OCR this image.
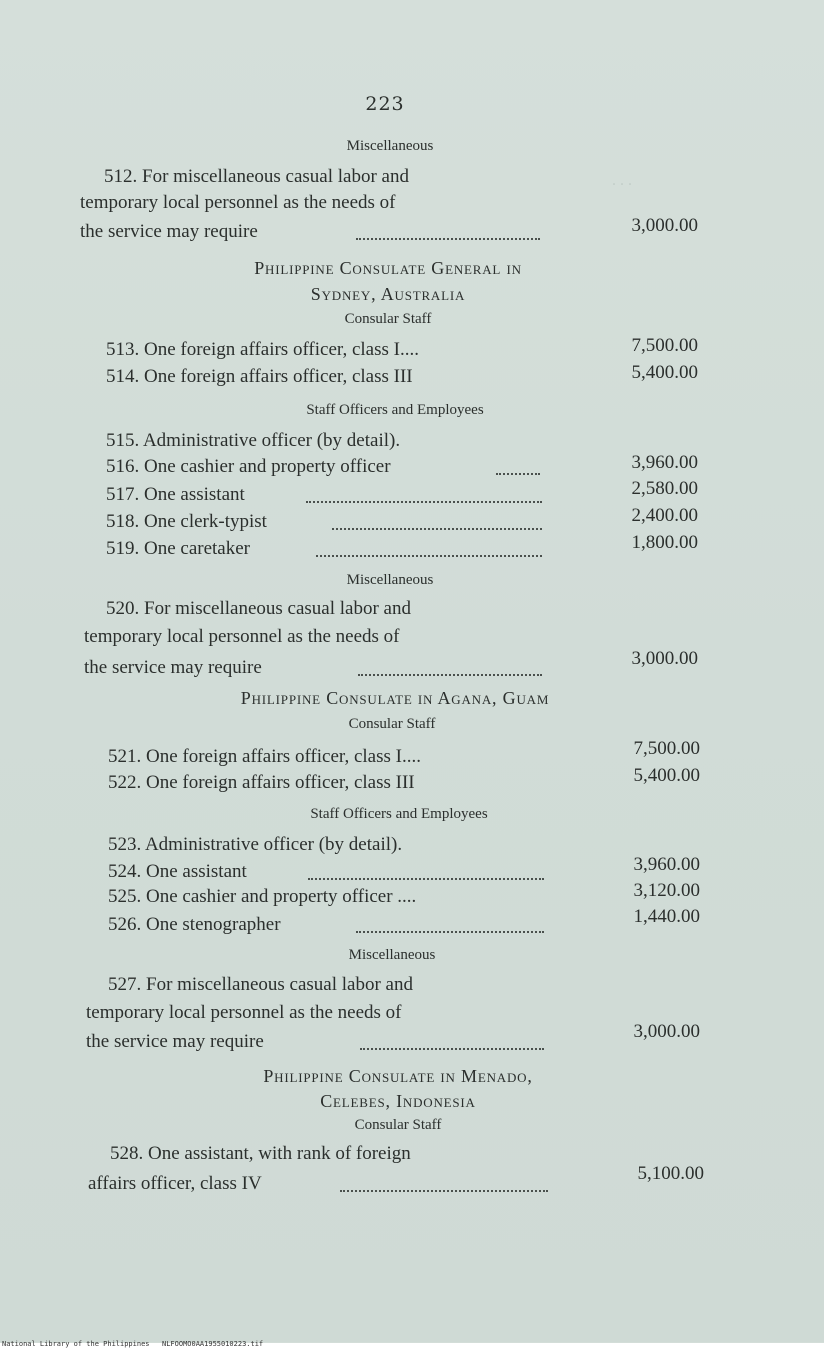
. . .
223
Miscellaneous
512. For miscellaneous casual labor and
temporary local personnel as the needs of
the service may require	3,000.00
Philippine Consulate General in
Sydney, Australia
Consular Staff
513. One foreign affairs officer, class I....	7,500.00
514. One foreign affairs officer, class III	5,400.00
Staff Officers and Employees
515. Administrative officer (by detail).
516. One cashier and property officer	3,960.00
517. One assistant	2,580.00
518. One clerk-typist	2,400.00
519. One caretaker	1,800.00
Miscellaneous
520. For miscellaneous casual labor and
temporary local personnel as the needs of
the service may require	3,000.00
Philippine Consulate in Agana, Guam
Consular Staff
521. One foreign affairs officer, class I....	7,500.00
522. One foreign affairs officer, class III	5,400.00
Staff Officers and Employees
523. Administrative officer (by detail).
524. One assistant	3,960.00
525. One cashier and property officer ....	3,120.00
526. One stenographer	1,440.00
Miscellaneous
527. For miscellaneous casual labor and
temporary local personnel as the needs of
the service may require	3,000.00
Philippine Consulate in Menado,
Celebes, Indonesia
Consular Staff
528. One assistant, with rank of foreign
affairs officer, class IV	5,100.00
National Library of the Philippines NLFOOMO0AA1955010223.tif
